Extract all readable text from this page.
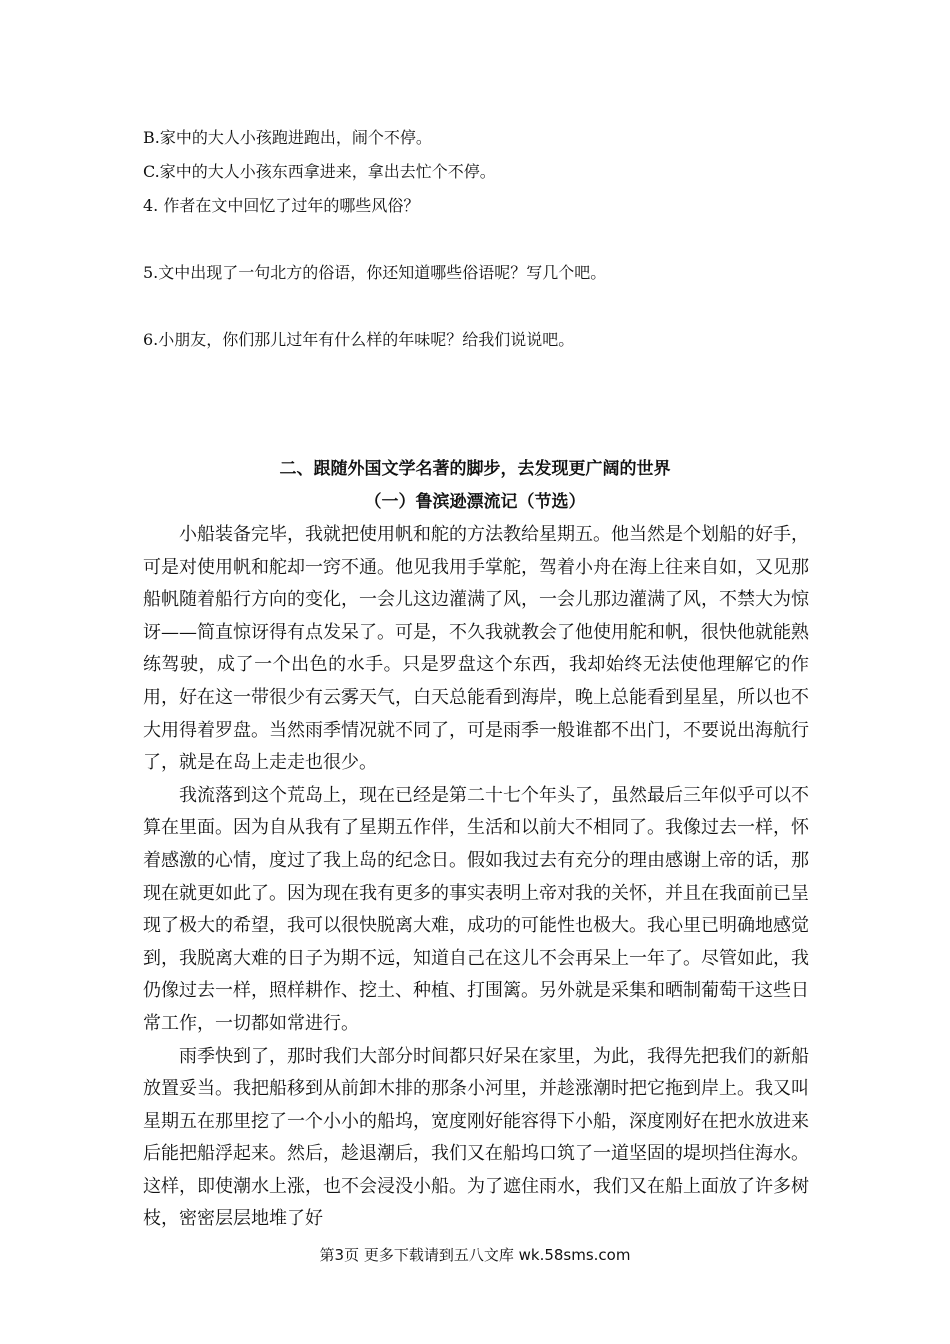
B.家中的大人小孩跑进跑出，闹个不停。
C.家中的大人小孩东西拿进来，拿出去忙个不停。
4. 作者在文中回忆了过年的哪些风俗？
5.文中出现了一句北方的俗语，你还知道哪些俗语呢？写几个吧。
6.小朋友，你们那儿过年有什么样的年味呢？给我们说说吧。
二、跟随外国文学名著的脚步，去发现更广阔的世界
（一）鲁滨逊漂流记（节选）

小船装备完毕，我就把使用帆和舵的方法教给星期五。他当然是个划船的好手，可是对使用帆和舵却一窍不通。他见我用手掌舵，驾着小舟在海上往来自如，又见那船帆随着船行方向的变化，一会儿这边灌满了风，一会儿那边灌满了风，不禁大为惊讶——简直惊讶得有点发呆了。可是，不久我就教会了他使用舵和帆，很快他就能熟练驾驶，成了一个出色的水手。只是罗盘这个东西，我却始终无法使他理解它的作用，好在这一带很少有云雾天气，白天总能看到海岸，晚上总能看到星星，所以也不大用得着罗盘。当然雨季情况就不同了，可是雨季一般谁都不出门，不要说出海航行了，就是在岛上走走也很少。

我流落到这个荒岛上，现在已经是第二十七个年头了，虽然最后三年似乎可以不算在里面。因为自从我有了星期五作伴，生活和以前大不相同了。我像过去一样，怀着感激的心情，度过了我上岛的纪念日。假如我过去有充分的理由感谢上帝的话，那现在就更如此了。因为现在我有更多的事实表明上帝对我的关怀，并且在我面前已呈现了极大的希望，我可以很快脱离大难，成功的可能性也极大。我心里已明确地感觉到，我脱离大难的日子为期不远，知道自己在这儿不会再呆上一年了。尽管如此，我仍像过去一样，照样耕作、挖土、种植、打围篱。另外就是采集和晒制葡萄干这些日常工作，一切都如常进行。

雨季快到了，那时我们大部分时间都只好呆在家里，为此，我得先把我们的新船放置妥当。我把船移到从前卸木排的那条小河里，并趁涨潮时把它拖到岸上。我又叫星期五在那里挖了一个小小的船坞，宽度刚好能容得下小船，深度刚好在把水放进来后能把船浮起来。然后，趁退潮后，我们又在船坞口筑了一道坚固的堤坝挡住海水。这样，即使潮水上涨，也不会浸没小船。为了遮住雨水，我们又在船上面放了许多树枝，密密层层地堆了好

第3页 更多下载请到五八文库 wk.58sms.com
